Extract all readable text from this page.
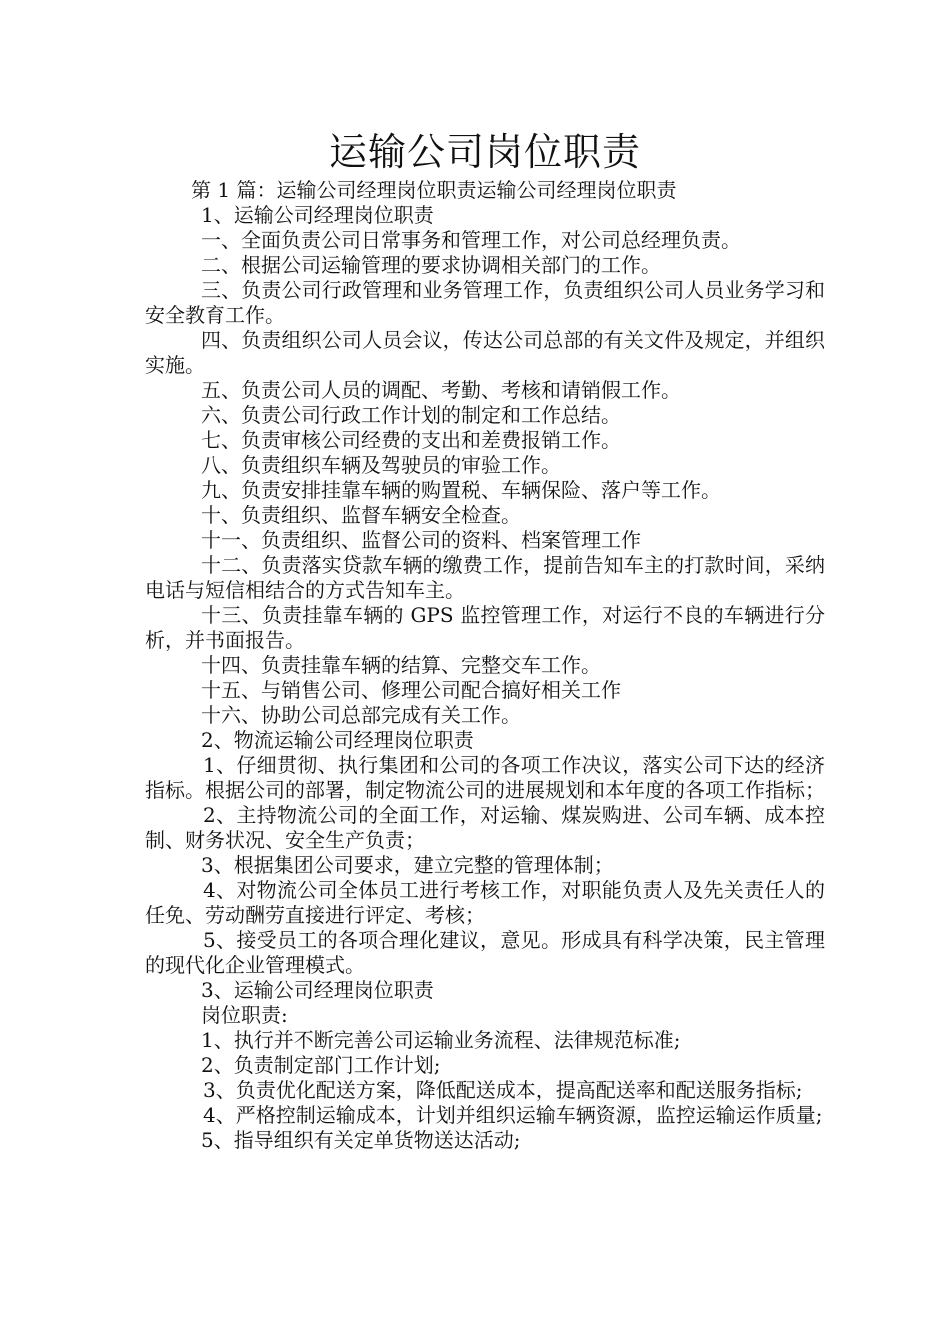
运输公司岗位职责

第 1 篇：运输公司经理岗位职责运输公司经理岗位职责

1、运输公司经理岗位职责

一、全面负责公司日常事务和管理工作，对公司总经理负责。

二、根据公司运输管理的要求协调相关部门的工作。

三、负责公司行政管理和业务管理工作，负责组织公司人员业务学习和安全教育工作。

四、负责组织公司人员会议，传达公司总部的有关文件及规定，并组织实施。

五、负责公司人员的调配、考勤、考核和请销假工作。

六、负责公司行政工作计划的制定和工作总结。

七、负责审核公司经费的支出和差费报销工作。

八、负责组织车辆及驾驶员的审验工作。

九、负责安排挂靠车辆的购置税、车辆保险、落户等工作。

十、负责组织、监督车辆安全检查。

十一、负责组织、监督公司的资料、档案管理工作

十二、负责落实贷款车辆的缴费工作，提前告知车主的打款时间，采纳电话与短信相结合的方式告知车主。

十三、负责挂靠车辆的 GPS 监控管理工作，对运行不良的车辆进行分析，并书面报告。

十四、负责挂靠车辆的结算、完整交车工作。

十五、与销售公司、修理公司配合搞好相关工作

十六、协助公司总部完成有关工作。

2、物流运输公司经理岗位职责

1、仔细贯彻、执行集团和公司的各项工作决议，落实公司下达的经济指标。根据公司的部署，制定物流公司的进展规划和本年度的各项工作指标；

2、主持物流公司的全面工作，对运输、煤炭购进、公司车辆、成本控制、财务状况、安全生产负责；

3、根据集团公司要求，建立完整的管理体制；

4、对物流公司全体员工进行考核工作，对职能负责人及先关责任人的任免、劳动酬劳直接进行评定、考核；

5、接受员工的各项合理化建议，意见。形成具有科学决策，民主管理的现代化企业管理模式。

3、运输公司经理岗位职责

岗位职责:

1、执行并不断完善公司运输业务流程、法律规范标准;

2、负责制定部门工作计划;

3、负责优化配送方案，降低配送成本，提高配送率和配送服务指标;

4、严格控制运输成本，计划并组织运输车辆资源，监控运输运作质量;

5、指导组织有关定单货物送达活动;
